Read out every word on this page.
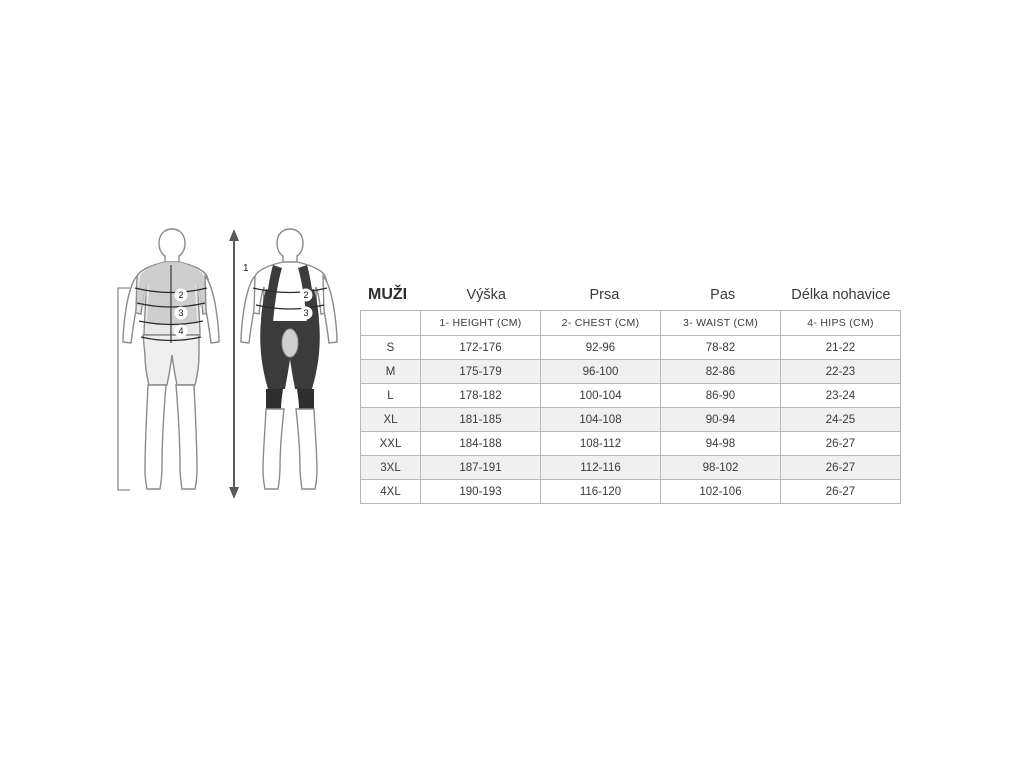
2
3
4
1
2
3
MUŽI	Výška	Prsa	Pas	Délka nohavice
	1- HEIGHT (CM)	2- CHEST (CM)	3- WAIST (CM)	4- HIPS (CM)
S	172-176	92-96	78-82	21-22
M	175-179	96-100	82-86	22-23
L	178-182	100-104	86-90	23-24
XL	181-185	104-108	90-94	24-25
XXL	184-188	108-112	94-98	26-27
3XL	187-191	112-116	98-102	26-27
4XL	190-193	116-120	102-106	26-27
